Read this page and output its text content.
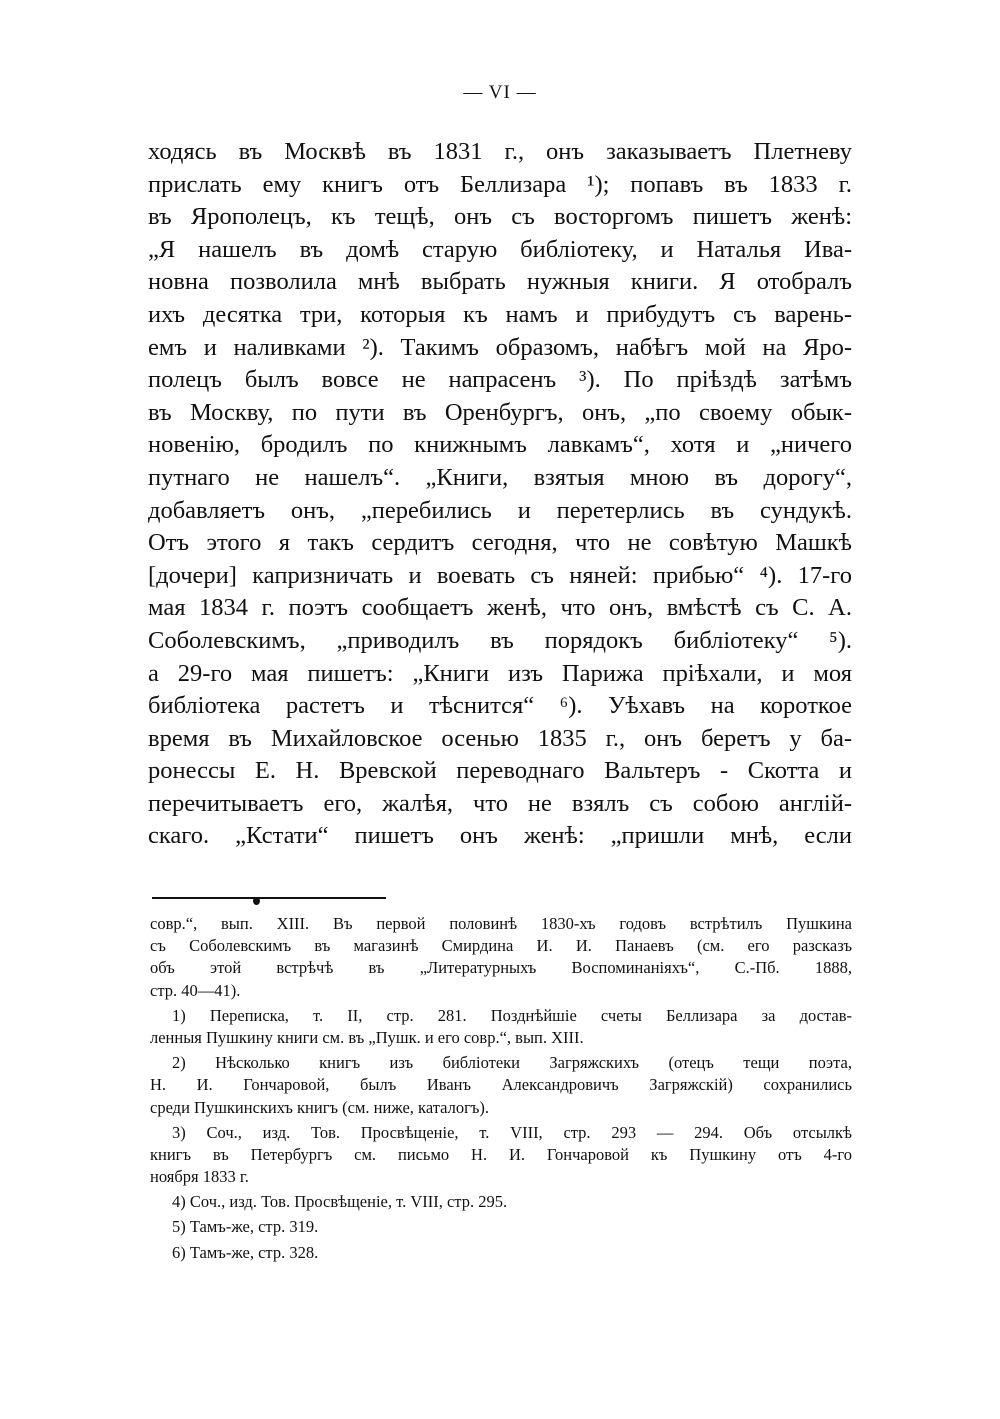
— VI —
ходясь въ Москвѣ въ 1831 г., онъ заказываетъ Плетневу
прислать ему книгъ отъ Беллизара ¹); попавъ въ 1833 г.
въ Ярополецъ, къ тещѣ, онъ съ восторгомъ пишетъ женѣ:
„Я нашелъ въ домѣ старую библіотеку, и Наталья Ива-
новна позволила мнѣ выбрать нужныя книги. Я отобралъ
ихъ десятка три, которыя къ намъ и прибудутъ съ варень-
емъ и наливками ²). Такимъ образомъ, набѣгъ мой на Яро-
полецъ былъ вовсе не напрасенъ ³). По пріѣздѣ затѣмъ
въ Москву, по пути въ Оренбургъ, онъ, „по своему обык-
новенію, бродилъ по книжнымъ лавкамъ“, хотя и „ничего
путнаго не нашелъ“. „Книги, взятыя мною въ дорогу“,
добавляетъ онъ, „перебились и перетерлись въ сундукѣ.
Отъ этого я такъ сердитъ сегодня, что не совѣтую Машкѣ
[дочери] капризничать и воевать съ няней: прибью“ ⁴). 17-го
мая 1834 г. поэтъ сообщаетъ женѣ, что онъ, вмѣстѣ съ С. А.
Соболевскимъ, „приводилъ въ порядокъ библіотеку“ ⁵).
а 29-го мая пишетъ: „Книги изъ Парижа пріѣхали, и моя
библіотека растетъ и тѣснится“ ⁶). Уѣхавъ на короткое
время въ Михайловское осенью 1835 г., онъ беретъ у ба-
ронессы Е. Н. Вревской переводнаго Вальтеръ - Скотта и
перечитываетъ его, жалѣя, что не взялъ съ собою англій-
скаго. „Кстати“ пишетъ онъ женѣ: „пришли мнѣ, если
совр.“, вып. XIII. Въ первой половинѣ 1830-хъ годовъ встрѣтилъ Пушкина
съ Соболевскимъ въ магазинѣ Смирдина И. И. Панаевъ (см. его разсказъ
объ этой встрѣчѣ въ „Литературныхъ Воспоминаніяхъ“, С.-Пб. 1888,
стр. 40—41).
1) Переписка, т. II, стр. 281. Позднѣйшіе счеты Беллизара за достав-
ленныя Пушкину книги см. въ „Пушк. и его совр.“, вып. XIII.
2) Нѣсколько книгъ изъ библіотеки Загряжскихъ (отецъ тещи поэта,
Н. И. Гончаровой, былъ Иванъ Александровичъ Загряжскій) сохранились
среди Пушкинскихъ книгъ (см. ниже, каталогъ).
3) Соч., изд. Тов. Просвѣщеніе, т. VIII, стр. 293 — 294. Объ отсылкѣ
книгъ въ Петербургъ см. письмо Н. И. Гончаровой къ Пушкину отъ 4-го
ноября 1833 г.
4) Соч., изд. Тов. Просвѣщеніе, т. VIII, стр. 295.
5) Тамъ-же, стр. 319.
6) Тамъ-же, стр. 328.
